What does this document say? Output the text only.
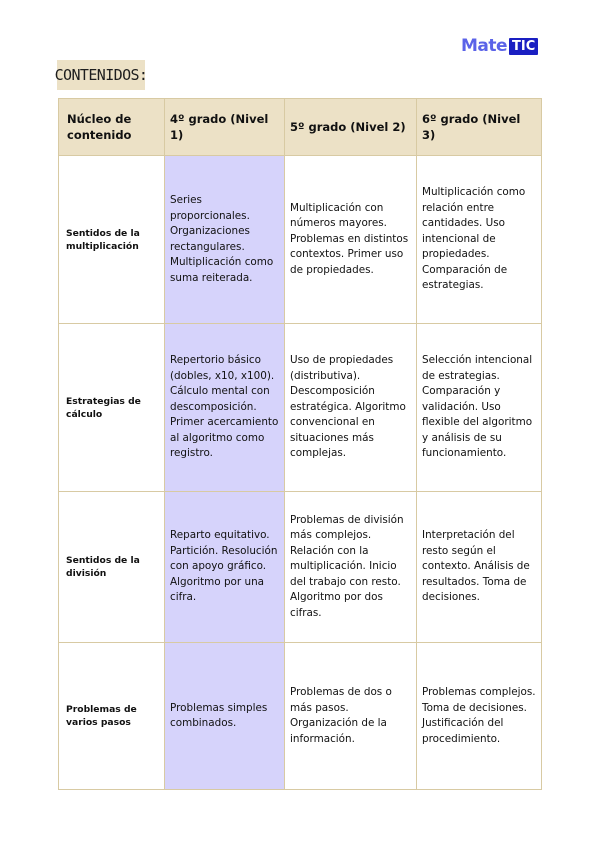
Mate TIC
CONTENIDOS:
Núcleo de contenido	4º grado (Nivel 1)	5º grado (Nivel 2)	6º grado (Nivel 3)
Sentidos de la multiplicación	Series proporcionales. Organizaciones rectangulares. Multiplicación como suma reiterada.	Multiplicación con números mayores. Problemas en distintos contextos. Primer uso de propiedades.	Multiplicación como relación entre cantidades. Uso intencional de propiedades. Comparación de estrategias.
Estrategias de cálculo	Repertorio básico (dobles, x10, x100). Cálculo mental con descomposición. Primer acercamiento al algoritmo como registro.	Uso de propiedades (distributiva). Descomposición estratégica. Algoritmo convencional en situaciones más complejas.	Selección intencional de estrategias. Comparación y validación. Uso flexible del algoritmo y análisis de su funcionamiento.
Sentidos de la división	Reparto equitativo. Partición. Resolución con apoyo gráfico. Algoritmo por una cifra.	Problemas de división más complejos. Relación con la multiplicación. Inicio del trabajo con resto. Algoritmo por dos cifras.	Interpretación del resto según el contexto. Análisis de resultados. Toma de decisiones.
Problemas de varios pasos	Problemas simples combinados.	Problemas de dos o más pasos. Organización de la información.	Problemas complejos. Toma de decisiones. Justificación del procedimiento.
